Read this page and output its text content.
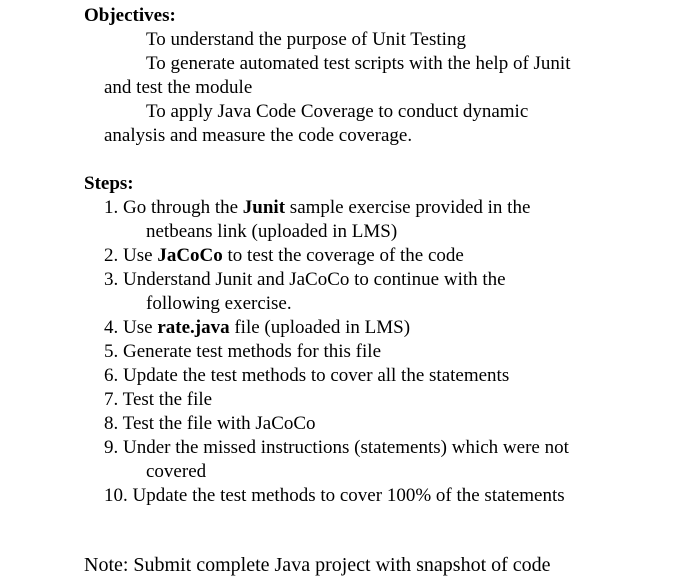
Objectives:
To understand the purpose of Unit Testing
To generate automated test scripts with the help of Junit
and test the module
To apply Java Code Coverage to conduct dynamic
analysis and measure the code coverage.
Steps:
1. Go through the Junit sample exercise provided in the
netbeans link (uploaded in LMS)
2. Use JaCoCo to test the coverage of the code
3. Understand Junit and JaCoCo to continue with the
following exercise.
4. Use rate.java file (uploaded in LMS)
5. Generate test methods for this file
6. Update the test methods to cover all the statements
7. Test the file
8. Test the file with JaCoCo
9. Under the missed instructions (statements) which were not
covered
10. Update the test methods to cover 100% of the statements
Note: Submit complete Java project with snapshot of code
